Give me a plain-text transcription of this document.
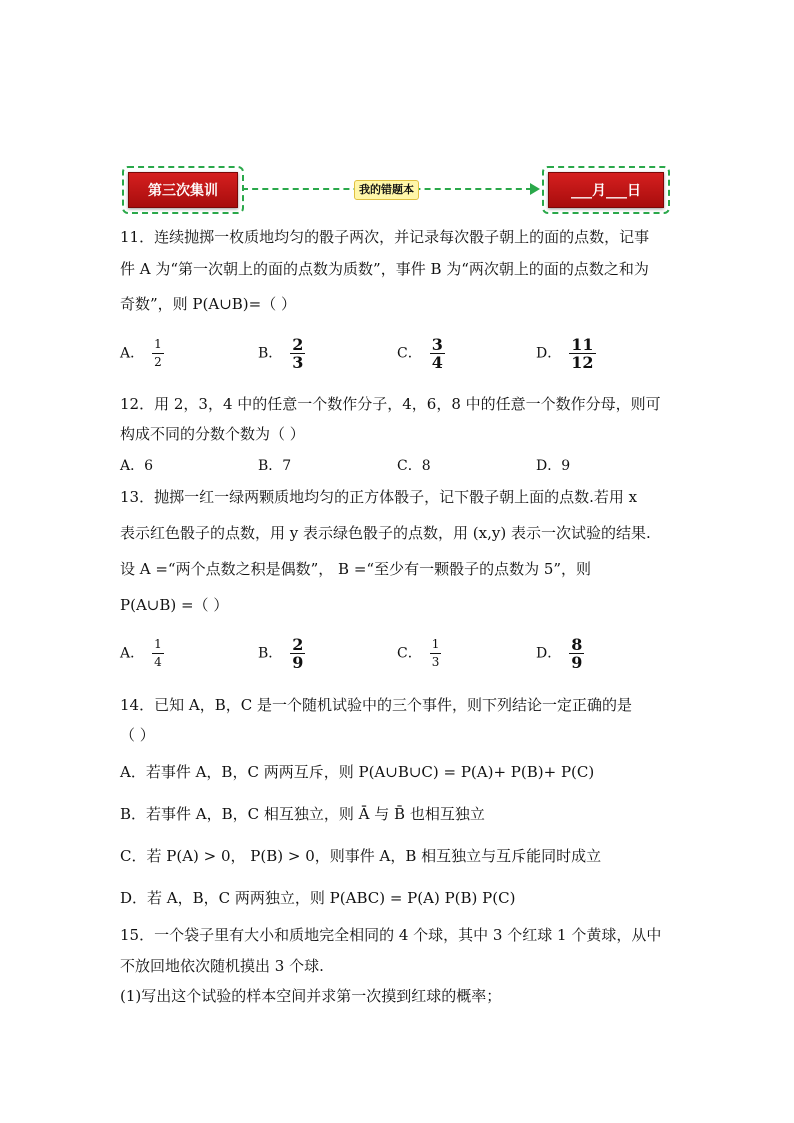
第三次集训	我的错题本	___月___日
11．连续抛掷一枚质地均匀的骰子两次，并记录每次骰子朝上的面的点数，记事
件 A 为“第一次朝上的面的点数为质数”，事件 B 为“两次朝上的面的点数之和为
奇数”，则 P(A∪B)=（ ）
A． $\frac{1}{2}$	B． $\frac{2}{3}$	C． $\frac{3}{4}$	D． $\frac{11}{12}$
12．用 2，3，4 中的任意一个数作分子，4，6，8 中的任意一个数作分母，则可
构成不同的分数个数为（ ）
A．6	B．7	C．8	D．9
13．抛掷一红一绿两颗质地均匀的正方体骰子，记下骰子朝上面的点数.若用 x
表示红色骰子的点数，用 y 表示绿色骰子的点数，用 (x,y) 表示一次试验的结果.
设 A =“两个点数之积是偶数”， B =“至少有一颗骰子的点数为 5”，则
P(A∪B) =（ ）
A． $\frac{1}{4}$	B． $\frac{2}{9}$	C． $\frac{1}{3}$	D． $\frac{8}{9}$
14．已知 A，B，C 是一个随机试验中的三个事件，则下列结论一定正确的是
（ ）
A．若事件 A，B，C 两两互斥，则 P(A∪B∪C) = P(A)+ P(B)+ P(C)
B．若事件 A，B，C 相互独立，则 Ā 与 B̄ 也相互独立
C．若 P(A) > 0， P(B) > 0，则事件 A，B 相互独立与互斥能同时成立
D．若 A，B，C 两两独立，则 P(ABC) = P(A) P(B) P(C)
15．一个袋子里有大小和质地完全相同的 4 个球，其中 3 个红球 1 个黄球，从中
不放回地依次随机摸出 3 个球.
(1)写出这个试验的样本空间并求第一次摸到红球的概率；
